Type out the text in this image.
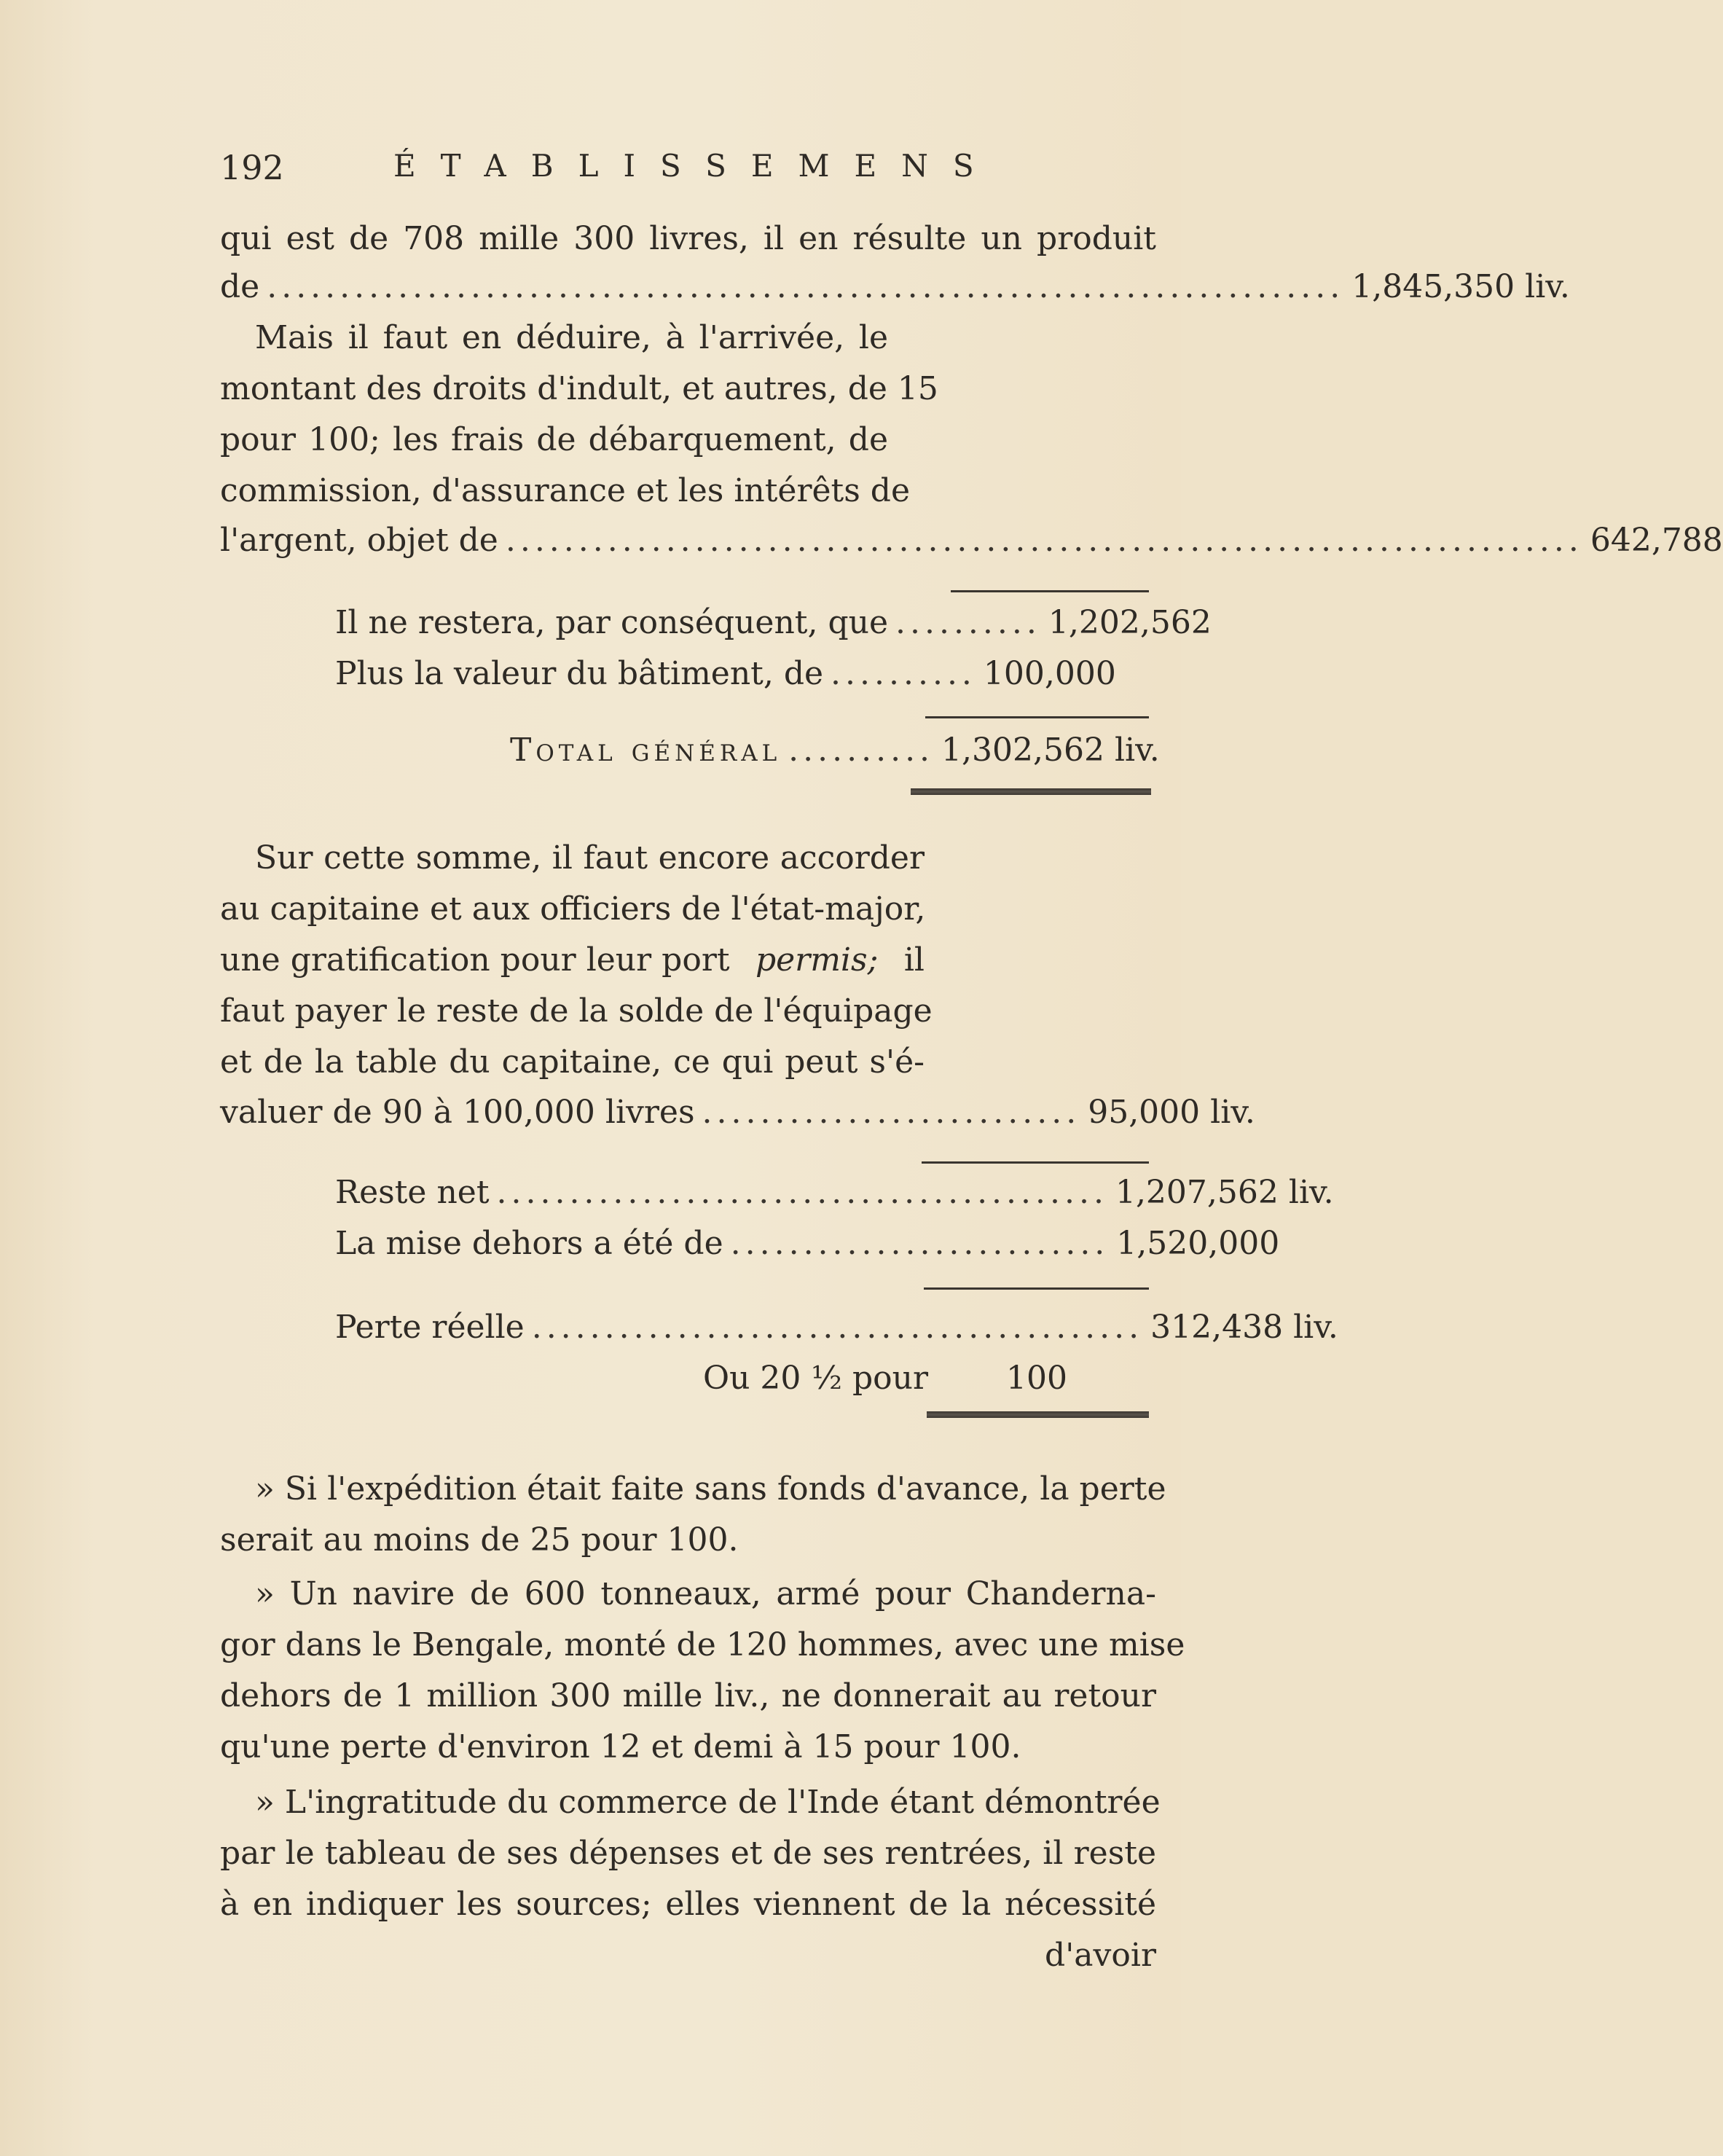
192	ÉTABLISSEMENS
qui est de 708 mille 300 livres, il en résulte un produit
de .......................................................................... 1,845,350 liv.
Mais il faut en déduire, à l'arrivée, le
montant des droits d'indult, et autres, de 15
pour 100; les frais de débarquement, de
commission, d'assurance et les intérêts de
l'argent, objet de .......................................................................... 642,788
Il ne restera, par conséquent, que .......... 1,202,562
Plus la valeur du bâtiment, de .......... 100,000
Total général .......... 1,302,562 liv.
Sur cette somme, il faut encore accorder
au capitaine et aux officiers de l'état-major,
une gratification pour leur port permis; il
faut payer le reste de la solde de l'équipage
et de la table du capitaine, ce qui peut s'é-
valuer de 90 à 100,000 livres .......................... 95,000 liv.
Reste net .......................................... 1,207,562 liv.
La mise dehors a été de .......................... 1,520,000
Perte réelle .......................................... 312,438 liv.
Ou 20 ½ pour 100
» Si l'expédition était faite sans fonds d'avance, la perte
serait au moins de 25 pour 100.
» Un navire de 600 tonneaux, armé pour Chanderna-
gor dans le Bengale, monté de 120 hommes, avec une mise
dehors de 1 million 300 mille liv., ne donnerait au retour
qu'une perte d'environ 12 et demi à 15 pour 100.
» L'ingratitude du commerce de l'Inde étant démontrée
par le tableau de ses dépenses et de ses rentrées, il reste
à en indiquer les sources; elles viennent de la nécessité
d'avoir
